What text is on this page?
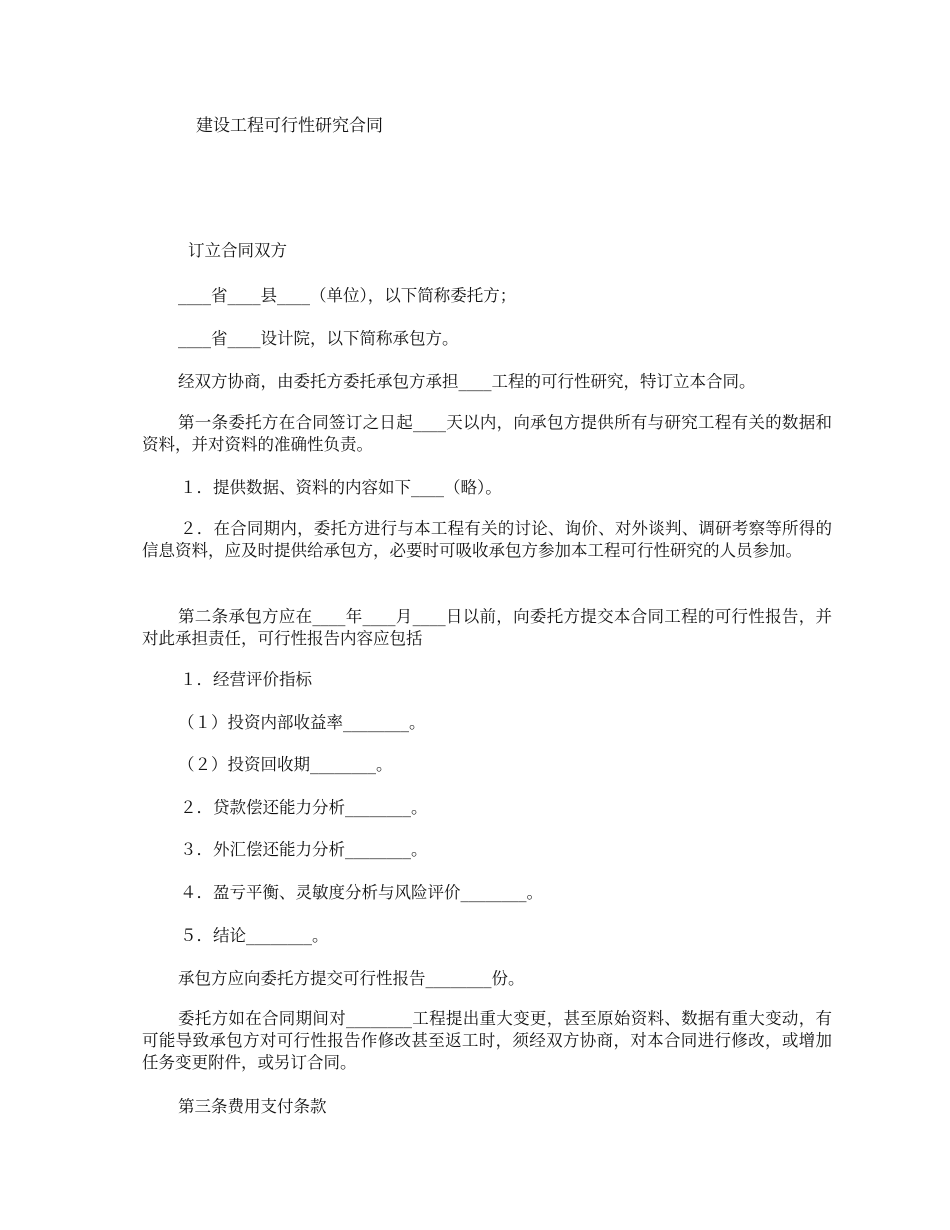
建设工程可行性研究合同
订立合同双方
____省____县____（单位），以下简称委托方；
____省____设计院，以下简称承包方。
经双方协商，由委托方委托承包方承担____工程的可行性研究，特订立本合同。
第一条委托方在合同签订之日起____天以内，向承包方提供所有与研究工程有关的数据和资料，并对资料的准确性负责。
１．提供数据、资料的内容如下____（略）。
２．在合同期内，委托方进行与本工程有关的讨论、询价、对外谈判、调研考察等所得的信息资料，应及时提供给承包方，必要时可吸收承包方参加本工程可行性研究的人员参加。
第二条承包方应在____年____月____日以前，向委托方提交本合同工程的可行性报告，并对此承担责任，可行性报告内容应包括
１．经营评价指标
（１）投资内部收益率________。
（２）投资回收期________。
２．贷款偿还能力分析________。
３．外汇偿还能力分析________。
４．盈亏平衡、灵敏度分析与风险评价________。
５．结论________。
承包方应向委托方提交可行性报告________份。
委托方如在合同期间对________工程提出重大变更，甚至原始资料、数据有重大变动，有可能导致承包方对可行性报告作修改甚至返工时，须经双方协商，对本合同进行修改，或增加任务变更附件，或另订合同。
第三条费用支付条款
